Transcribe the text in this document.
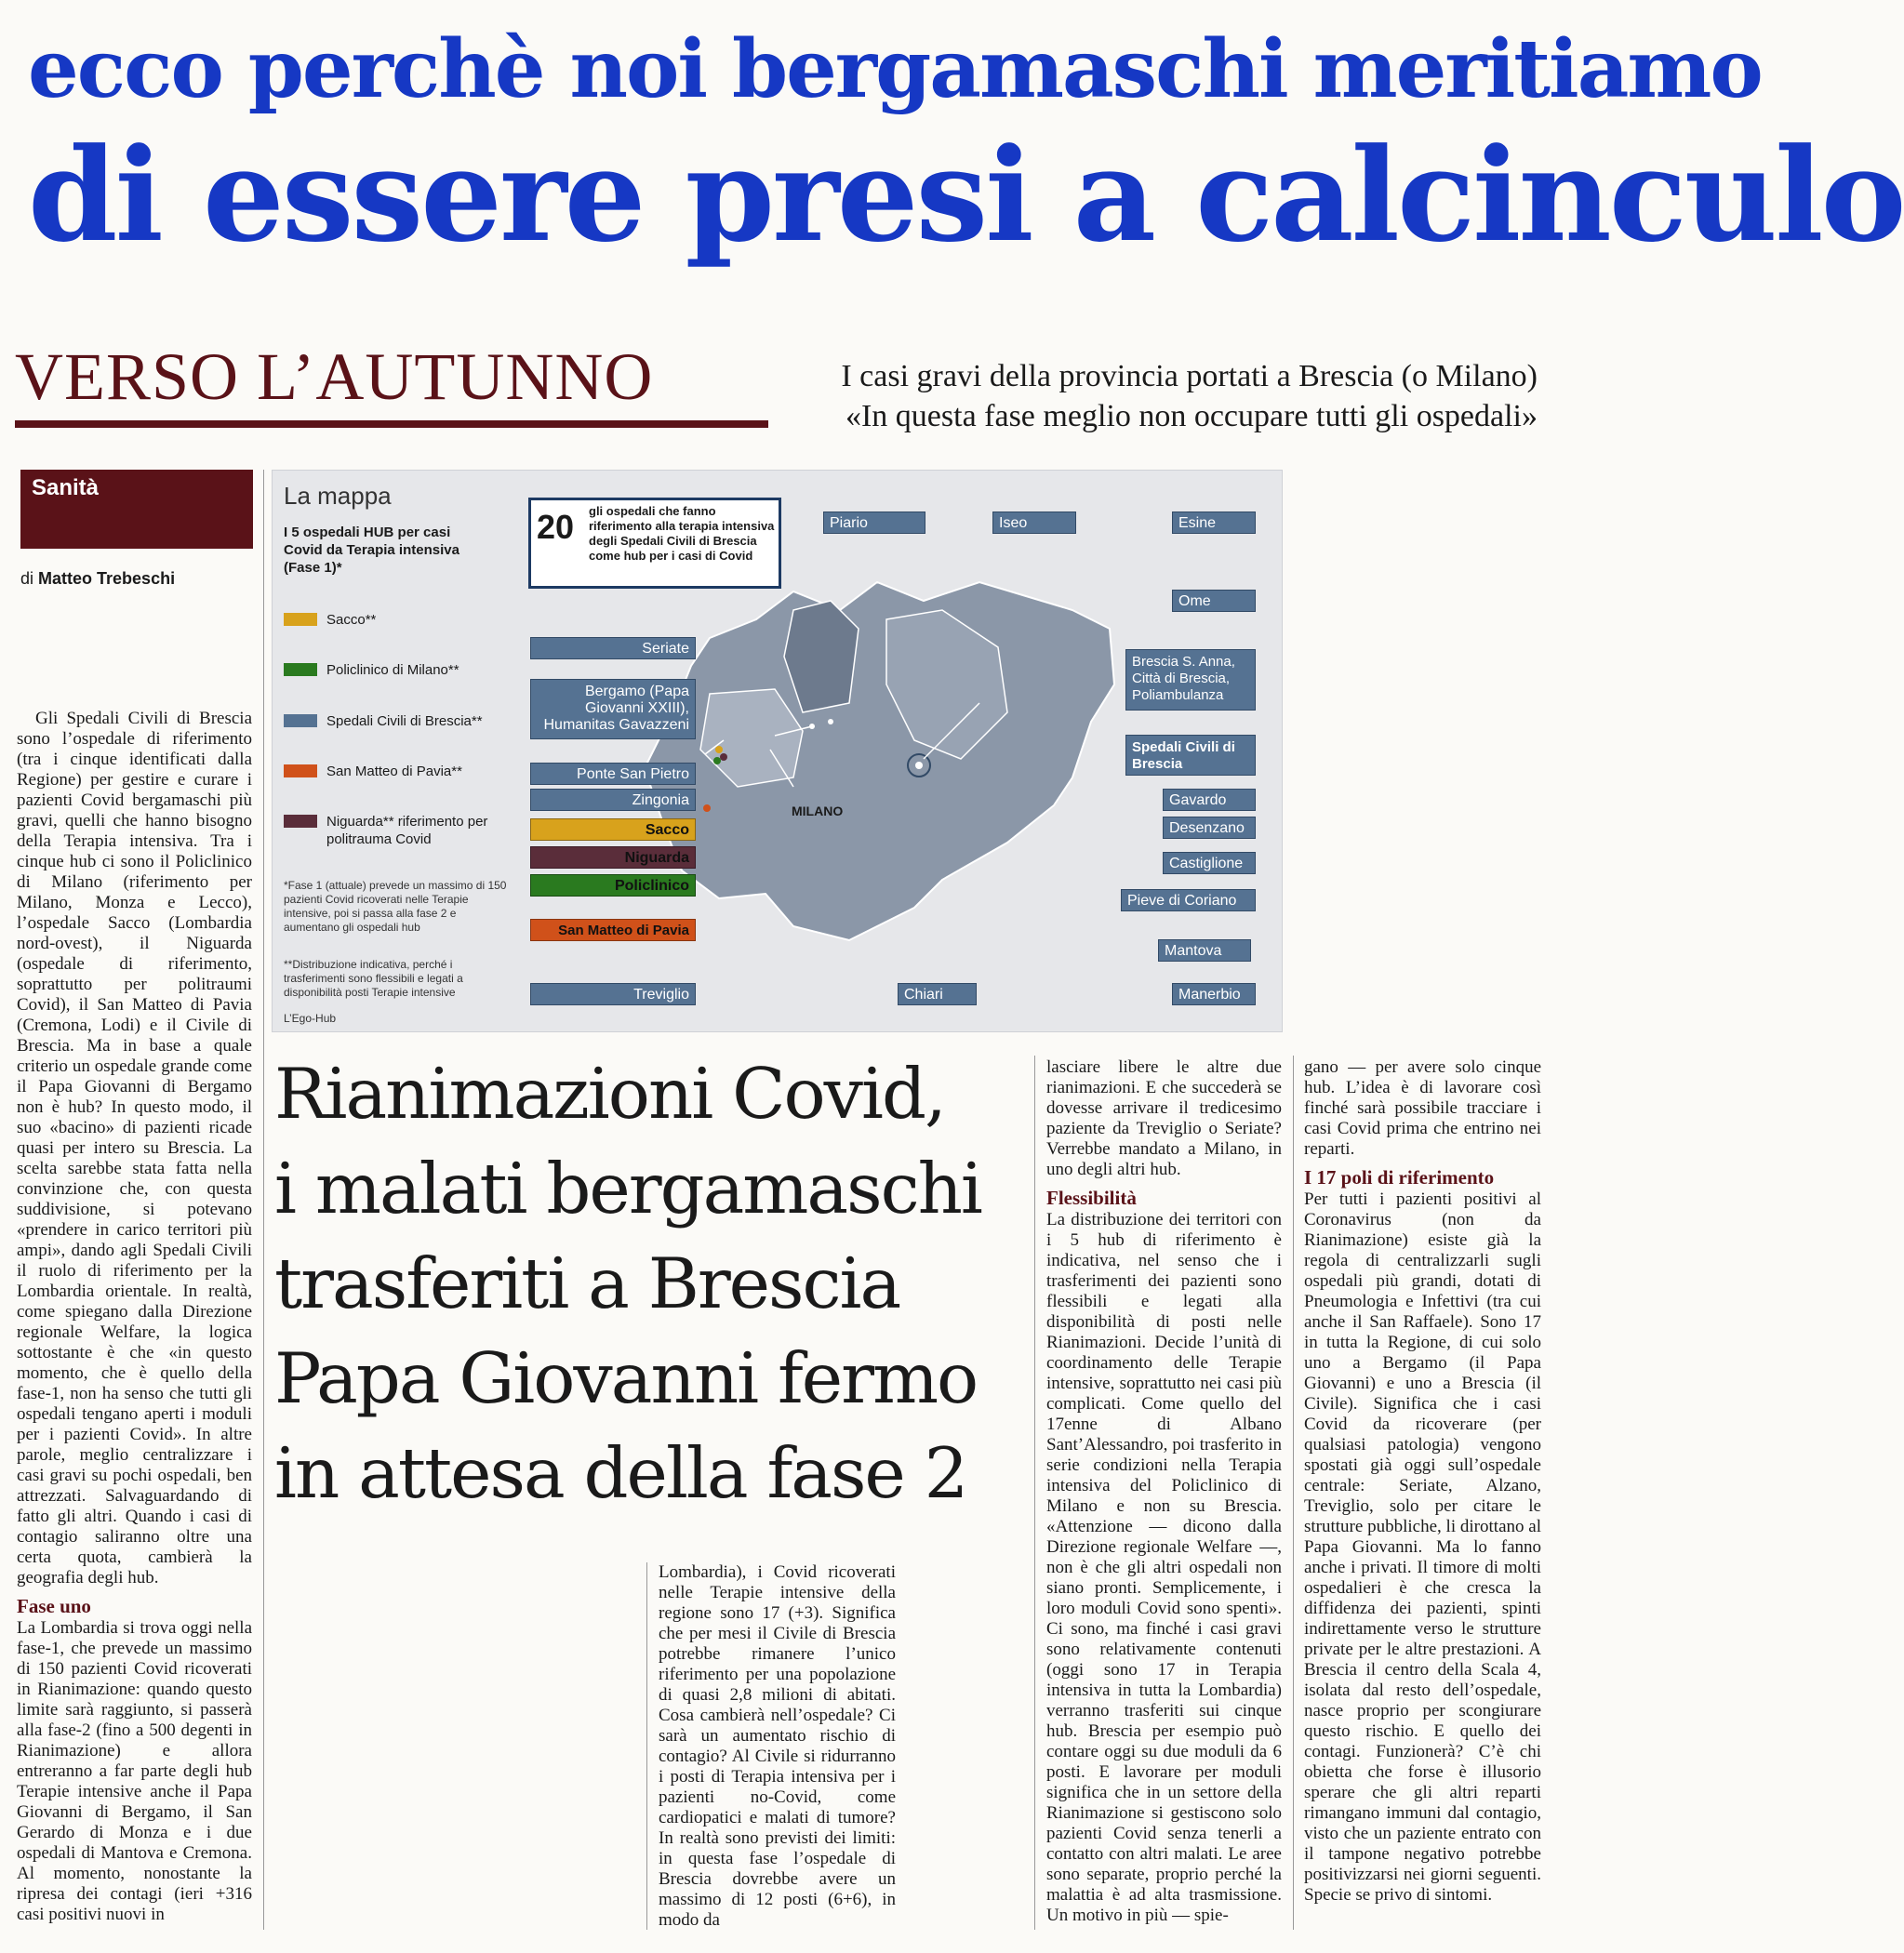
ecco perchè noi bergamaschi meritiamo
di essere presi a calcinculo
VERSO L’AUTUNNO	I casi gravi della provincia portati a Brescia (o Milano)
«In questa fase meglio non occupare tutti gli ospedali»
Sanità
di Matteo Trebeschi
20 gli ospedali che fanno riferimento alla terapia intensiva degli Spedali Civili di Brescia come hub per i casi di Covid
MILANO
La mappa
I 5 ospedali HUB per casi Covid da Terapia intensiva (Fase 1)*
Sacco**
Policlinico di Milano**
Spedali Civili di Brescia**
San Matteo di Pavia**
Niguarda** riferimento per politrauma Covid
*Fase 1 (attuale) prevede un massimo di 150 pazienti Covid ricoverati nelle Terapie intensive, poi si passa alla fase 2 e aumentano gli ospedali hub
**Distribuzione indicativa, perché i trasferimenti sono flessibili e legati a disponibilità posti Terapie intensive
L’Ego-Hub
Piario	Iseo	Esine
Seriate
Ome
Bergamo (Papa Giovanni XXIII), Humanitas Gavazzeni
Brescia S. Anna, Città di Brescia, Poliambulanza
Spedali Civili di Brescia
Ponte San Pietro
Zingonia	Gavardo
Sacco	Desenzano
Niguarda	Castiglione
Policlinico
Pieve di Coriano
San Matteo di Pavia
Mantova
Treviglio	Chiari	Manerbio
Gli Spedali Civili di Brescia sono l’ospedale di riferimento (tra i cinque identificati dalla Regione) per gestire e curare i pazienti Covid bergamaschi più gravi, quelli che hanno bisogno della Terapia intensiva. Tra i cinque hub ci sono il Policlinico di Milano (riferimento per Milano, Monza e Lecco), l’ospedale Sacco (Lombardia nord-ovest), il Niguarda (ospedale di riferimento, soprattutto per politraumi Covid), il San Matteo di Pavia (Cremona, Lodi) e il Civile di Brescia. Ma in base a quale criterio un ospedale grande come il Papa Giovanni di Bergamo non è hub? In questo modo, il suo «bacino» di pazienti ricade quasi per intero su Brescia. La scelta sarebbe stata fatta nella convinzione che, con questa suddivisione, si potevano «prendere in carico territori più ampi», dando agli Spedali Civili il ruolo di riferimento per la Lombardia orientale. In realtà, come spiegano dalla Direzione regionale Welfare, la logica sottostante è che «in questo momento, che è quello della fase-1, non ha senso che tutti gli ospedali tengano aperti i moduli per i pazienti Covid». In altre parole, meglio centralizzare i casi gravi su pochi ospedali, ben attrezzati. Salvaguardando di fatto gli altri. Quando i casi di contagio saliranno oltre una certa quota, cambierà la geografia degli hub.
Fase uno
La Lombardia si trova oggi nella fase-1, che prevede un massimo di 150 pazienti Covid ricoverati in Rianimazione: quando questo limite sarà raggiunto, si passerà alla fase-2 (fino a 500 degenti in Rianimazione) e allora entreranno a far parte degli hub Terapie intensive anche il Papa Giovanni di Bergamo, il San Gerardo di Monza e i due ospedali di Mantova e Cremona. Al momento, nonostante la ripresa dei contagi (ieri +316 casi positivi nuovi in
Rianimazioni Covid,
i malati bergamaschi
trasferiti a Brescia
Papa Giovanni fermo
in attesa della fase 2
Lombardia), i Covid ricoverati nelle Terapie intensive della regione sono 17 (+3). Significa che per mesi il Civile di Brescia potrebbe rimanere l’unico riferimento per una popolazione di quasi 2,8 milioni di abitati. Cosa cambierà nell’ospedale? Ci sarà un aumentato rischio di contagio? Al Civile si ridurranno i posti di Terapia intensiva per i pazienti no-Covid, come cardiopatici e malati di tumore? In realtà sono previsti dei limiti: in questa fase l’ospedale di Brescia dovrebbe avere un massimo di 12 posti (6+6), in modo da
lasciare libere le altre due rianimazioni. E che succederà se dovesse arrivare il tredicesimo paziente da Treviglio o Seriate? Verrebbe mandato a Milano, in uno degli altri hub.
Flessibilità
La distribuzione dei territori con i 5 hub di riferimento è indicativa, nel senso che i trasferimenti dei pazienti sono flessibili e legati alla disponibilità di posti nelle Rianimazioni. Decide l’unità di coordinamento delle Terapie intensive, soprattutto nei casi più complicati. Come quello del 17enne di Albano Sant’Alessandro, poi trasferito in serie condizioni nella Terapia intensiva del Policlinico di Milano e non su Brescia. «Attenzione — dicono dalla Direzione regionale Welfare —, non è che gli altri ospedali non siano pronti. Semplicemente, i loro moduli Covid sono spenti». Ci sono, ma finché i casi gravi sono relativamente contenuti (oggi sono 17 in Terapia intensiva in tutta la Lombardia) verranno trasferiti sui cinque hub. Brescia per esempio può contare oggi su due moduli da 6 posti. E lavorare per moduli significa che in un settore della Rianimazione si gestiscono solo pazienti Covid senza tenerli a contatto con altri malati. Le aree sono separate, proprio perché la malattia è ad alta trasmissione. Un motivo in più — spie-
gano — per avere solo cinque hub. L’idea è di lavorare così finché sarà possibile tracciare i casi Covid prima che entrino nei reparti.
I 17 poli di riferimento
Per tutti i pazienti positivi al Coronavirus (non da Rianimazione) esiste già la regola di centralizzarli sugli ospedali più grandi, dotati di Pneumologia e Infettivi (tra cui anche il San Raffaele). Sono 17 in tutta la Regione, di cui solo uno a Bergamo (il Papa Giovanni) e uno a Brescia (il Civile). Significa che i casi Covid da ricoverare (per qualsiasi patologia) vengono spostati già oggi sull’ospedale centrale: Seriate, Alzano, Treviglio, solo per citare le strutture pubbliche, li dirottano al Papa Giovanni. Ma lo fanno anche i privati. Il timore di molti ospedalieri è che cresca la diffidenza dei pazienti, spinti indirettamente verso le strutture private per le altre prestazioni. A Brescia il centro della Scala 4, isolata dal resto dell’ospedale, nasce proprio per scongiurare questo rischio. E quello dei contagi. Funzionerà? C’è chi obietta che forse è illusorio sperare che gli altri reparti rimangano immuni dal contagio, visto che un paziente entrato con il tampone negativo potrebbe positivizzarsi nei giorni seguenti. Specie se privo di sintomi.
